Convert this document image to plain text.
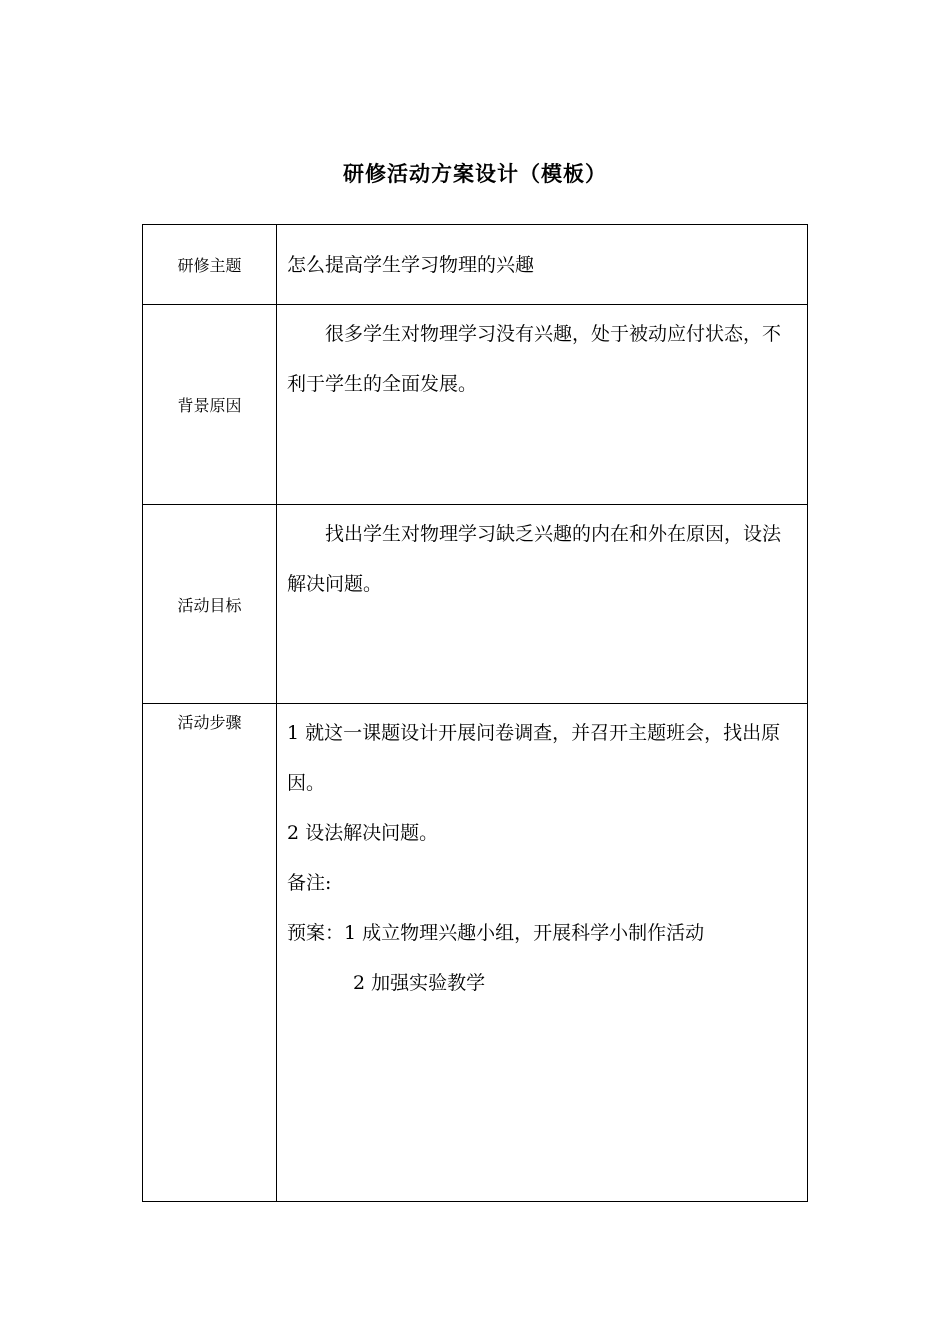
研修活动方案设计（模板）
研修主题	怎么提高学生学习物理的兴趣
背景原因	很多学生对物理学习没有兴趣，处于被动应付状态，不利于学生的全面发展。

活动目标	找出学生对物理学习缺乏兴趣的内在和外在原因，设法解决问题。

活动步骤	1 就这一课题设计开展问卷调查，并召开主题班会，找出原因。

2 设法解决问题。

备注:

预案：1 成立物理兴趣小组，开展科学小制作活动

2 加强实验教学
